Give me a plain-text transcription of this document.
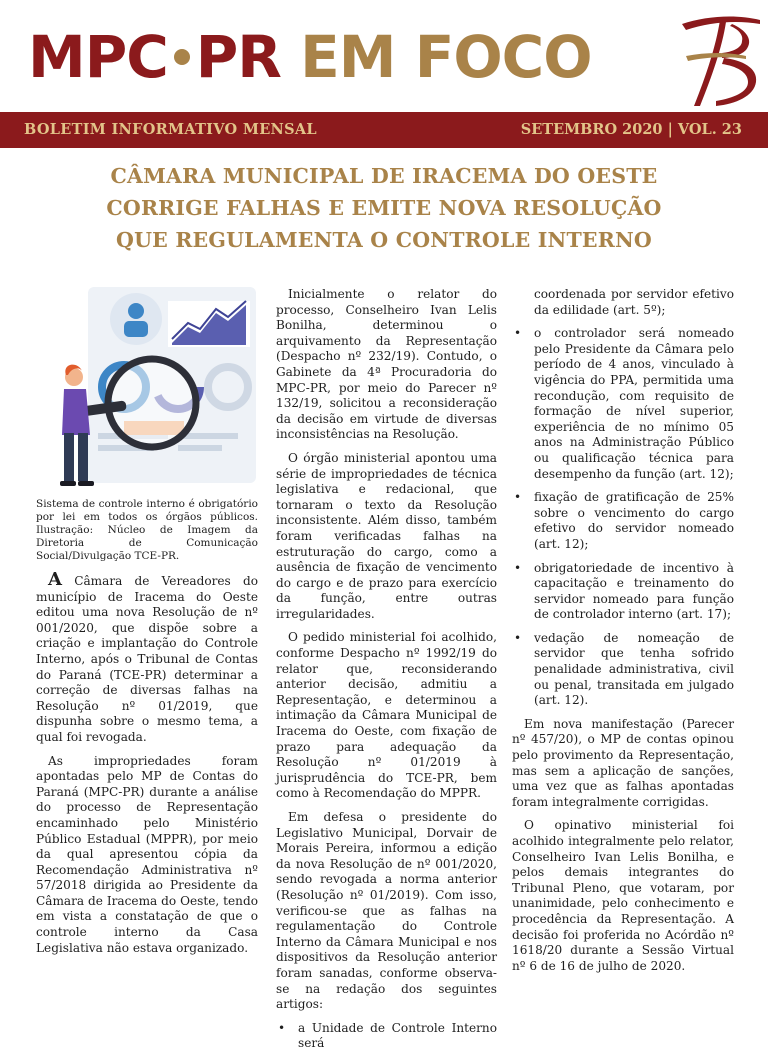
MPC PR EM FOCO
BOLETIM INFORMATIVO MENSAL	SETEMBRO 2020 | VOL. 23
CÂMARA MUNICIPAL DE IRACEMA DO OESTE
CORRIGE FALHAS E EMITE NOVA RESOLUÇÃO
QUE REGULAMENTA O CONTROLE INTERNO
Sistema de controle interno é obrigatório por lei em todos os órgãos públicos. Ilustração: Núcleo de Imagem da Diretoria de Comunicação Social/Divulgação TCE-PR.

A Câmara de Vereadores do município de Iracema do Oeste editou uma nova Resolução de nº 001/2020, que dispõe sobre a criação e implantação do Controle Interno, após o Tribunal de Contas do Paraná (TCE-PR) determinar a correção de diversas falhas na Resolução nº 01/2019, que dispunha sobre o mesmo tema, a qual foi revogada.

As impropriedades foram apontadas pelo MP de Contas do Paraná (MPC-PR) durante a análise do processo de Representação encaminhado pelo Ministério Público Estadual (MPPR), por meio da qual apresentou cópia da Recomendação Administrativa nº 57/2018 dirigida ao Presidente da Câmara de Iracema do Oeste, tendo em vista a constatação de que o controle interno da Casa Legislativa não estava organizado.

Inicialmente o relator do processo, Conselheiro Ivan Lelis Bonilha, determinou o arquivamento da Representação (Despacho nº 232/19). Contudo, o Gabinete da 4ª Procuradoria do MPC-PR, por meio do Parecer nº 132/19, solicitou a reconsideração da decisão em virtude de diversas inconsistências na Resolução.

O órgão ministerial apontou uma série de impropriedades de técnica legislativa e redacional, que tornaram o texto da Resolução inconsistente. Além disso, também foram verificadas falhas na estruturação do cargo, como a ausência de fixação de vencimento do cargo e de prazo para exercício da função, entre outras irregularidades.

O pedido ministerial foi acolhido, conforme Despacho nº 1992/19 do relator que, reconsiderando anterior decisão, admitiu a Representação, e determinou a intimação da Câmara Municipal de Iracema do Oeste, com fixação de prazo para adequação da Resolução nº 01/2019 à jurisprudência do TCE-PR, bem como à Recomendação do MPPR.

Em defesa o presidente do Legislativo Municipal, Dorvair de Morais Pereira, informou a edição da nova Resolução de nº 001/2020, sendo revogada a norma anterior (Resolução nº 01/2019). Com isso, verificou-se que as falhas na regulamentação do Controle Interno da Câmara Municipal e nos dispositivos da Resolução anterior foram sanadas, conforme observa-se na redação dos seguintes artigos:

• a Unidade de Controle Interno será
coordenada por servidor efetivo da edilidade (art. 5º);
• o controlador será nomeado pelo Presidente da Câmara pelo período de 4 anos, vinculado à vigência do PPA, permitida uma recondução, com requisito de formação de nível superior, experiência de no mínimo 05 anos na Administração Público ou qualificação técnica para desempenho da função (art. 12);
• fixação de gratificação de 25% sobre o vencimento do cargo efetivo do servidor nomeado (art. 12);
• obrigatoriedade de incentivo à capacitação e treinamento do servidor nomeado para função de controlador interno (art. 17);
• vedação de nomeação de servidor que tenha sofrido penalidade administrativa, civil ou penal, transitada em julgado (art. 12).

Em nova manifestação (Parecer nº 457/20), o MP de contas opinou pelo provimento da Representação, mas sem a aplicação de sanções, uma vez que as falhas apontadas foram integralmente corrigidas.

O opinativo ministerial foi acolhido integralmente pelo relator, Conselheiro Ivan Lelis Bonilha, e pelos demais integrantes do Tribunal Pleno, que votaram, por unanimidade, pelo conhecimento e procedência da Representação. A decisão foi proferida no Acórdão nº 1618/20 durante a Sessão Virtual nº 6 de 16 de julho de 2020.
